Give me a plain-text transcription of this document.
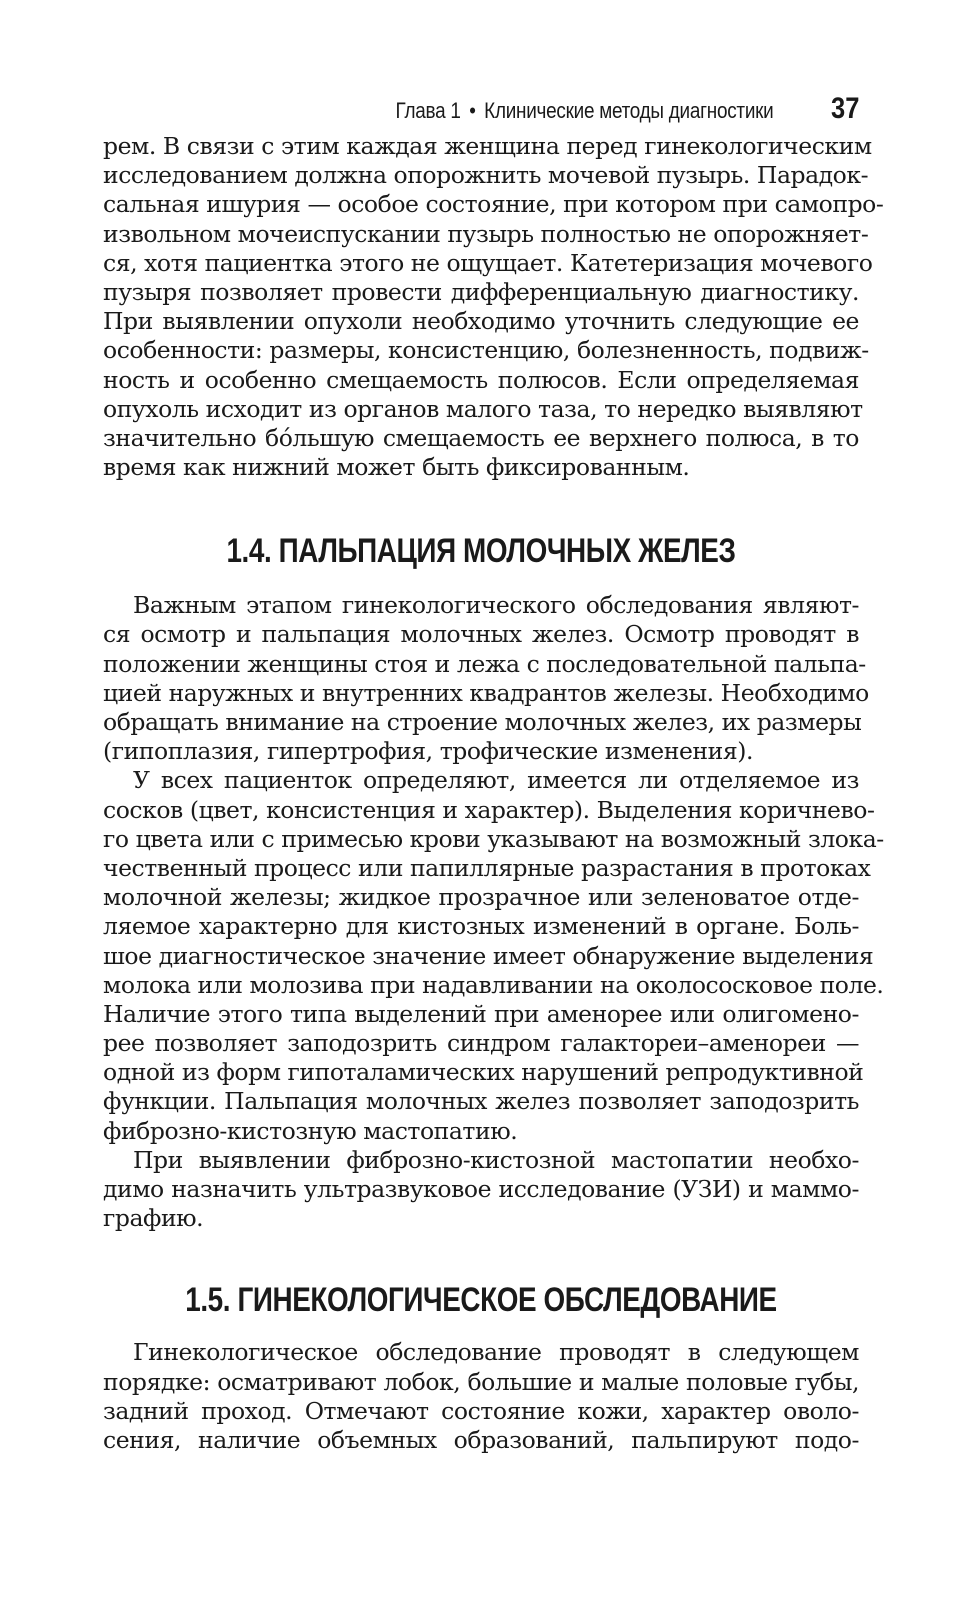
Глава 1 • Клинические методы диагностики 37
рем. В связи с этим каждая женщина перед гинекологическим
исследованием должна опорожнить мочевой пузырь. Парадок-
сальная ишурия — особое состояние, при котором при самопро-
извольном мочеиспускании пузырь полностью не опорожняет-
ся, хотя пациентка этого не ощущает. Катетеризация мочевого
пузыря позволяет провести дифференциальную диагностику.
При выявлении опухоли необходимо уточнить следующие ее
особенности: размеры, консистенцию, болезненность, подвиж-
ность и особенно смещаемость полюсов. Если определяемая
опухоль исходит из органов малого таза, то нередко выявляют
значительно бóльшую смещаемость ее верхнего полюса, в то
время как нижний может быть фиксированным.
1.4. ПАЛЬПАЦИЯ МОЛОЧНЫХ ЖЕЛЕЗ
Важным этапом гинекологического обследования являют-
ся осмотр и пальпация молочных желез. Осмотр проводят в
положении женщины стоя и лежа с последовательной пальпа-
цией наружных и внутренних квадрантов железы. Необходимо
обращать внимание на строение молочных желез, их размеры
(гипоплазия, гипертрофия, трофические изменения).
У всех пациенток определяют, имеется ли отделяемое из
сосков (цвет, консистенция и характер). Выделения коричнево-
го цвета или с примесью крови указывают на возможный злока-
чественный процесс или папиллярные разрастания в протоках
молочной железы; жидкое прозрачное или зеленоватое отде-
ляемое характерно для кистозных изменений в органе. Боль-
шое диагностическое значение имеет обнаружение выделения
молока или молозива при надавливании на околососковое поле.
Наличие этого типа выделений при аменорее или олигомено-
рее позволяет заподозрить синдром галактореи–аменореи —
одной из форм гипоталамических нарушений репродуктивной
функции. Пальпация молочных желез позволяет заподозрить
фиброзно-кистозную мастопатию.
При выявлении фиброзно-кистозной мастопатии необхо-
димо назначить ультразвуковое исследование (УЗИ) и маммо-
графию.
1.5. ГИНЕКОЛОГИЧЕСКОЕ ОБСЛЕДОВАНИЕ
Гинекологическое обследование проводят в следующем
порядке: осматривают лобок, большие и малые половые губы,
задний проход. Отмечают состояние кожи, характер оволо-
сения, наличие объемных образований, пальпируют подо-
